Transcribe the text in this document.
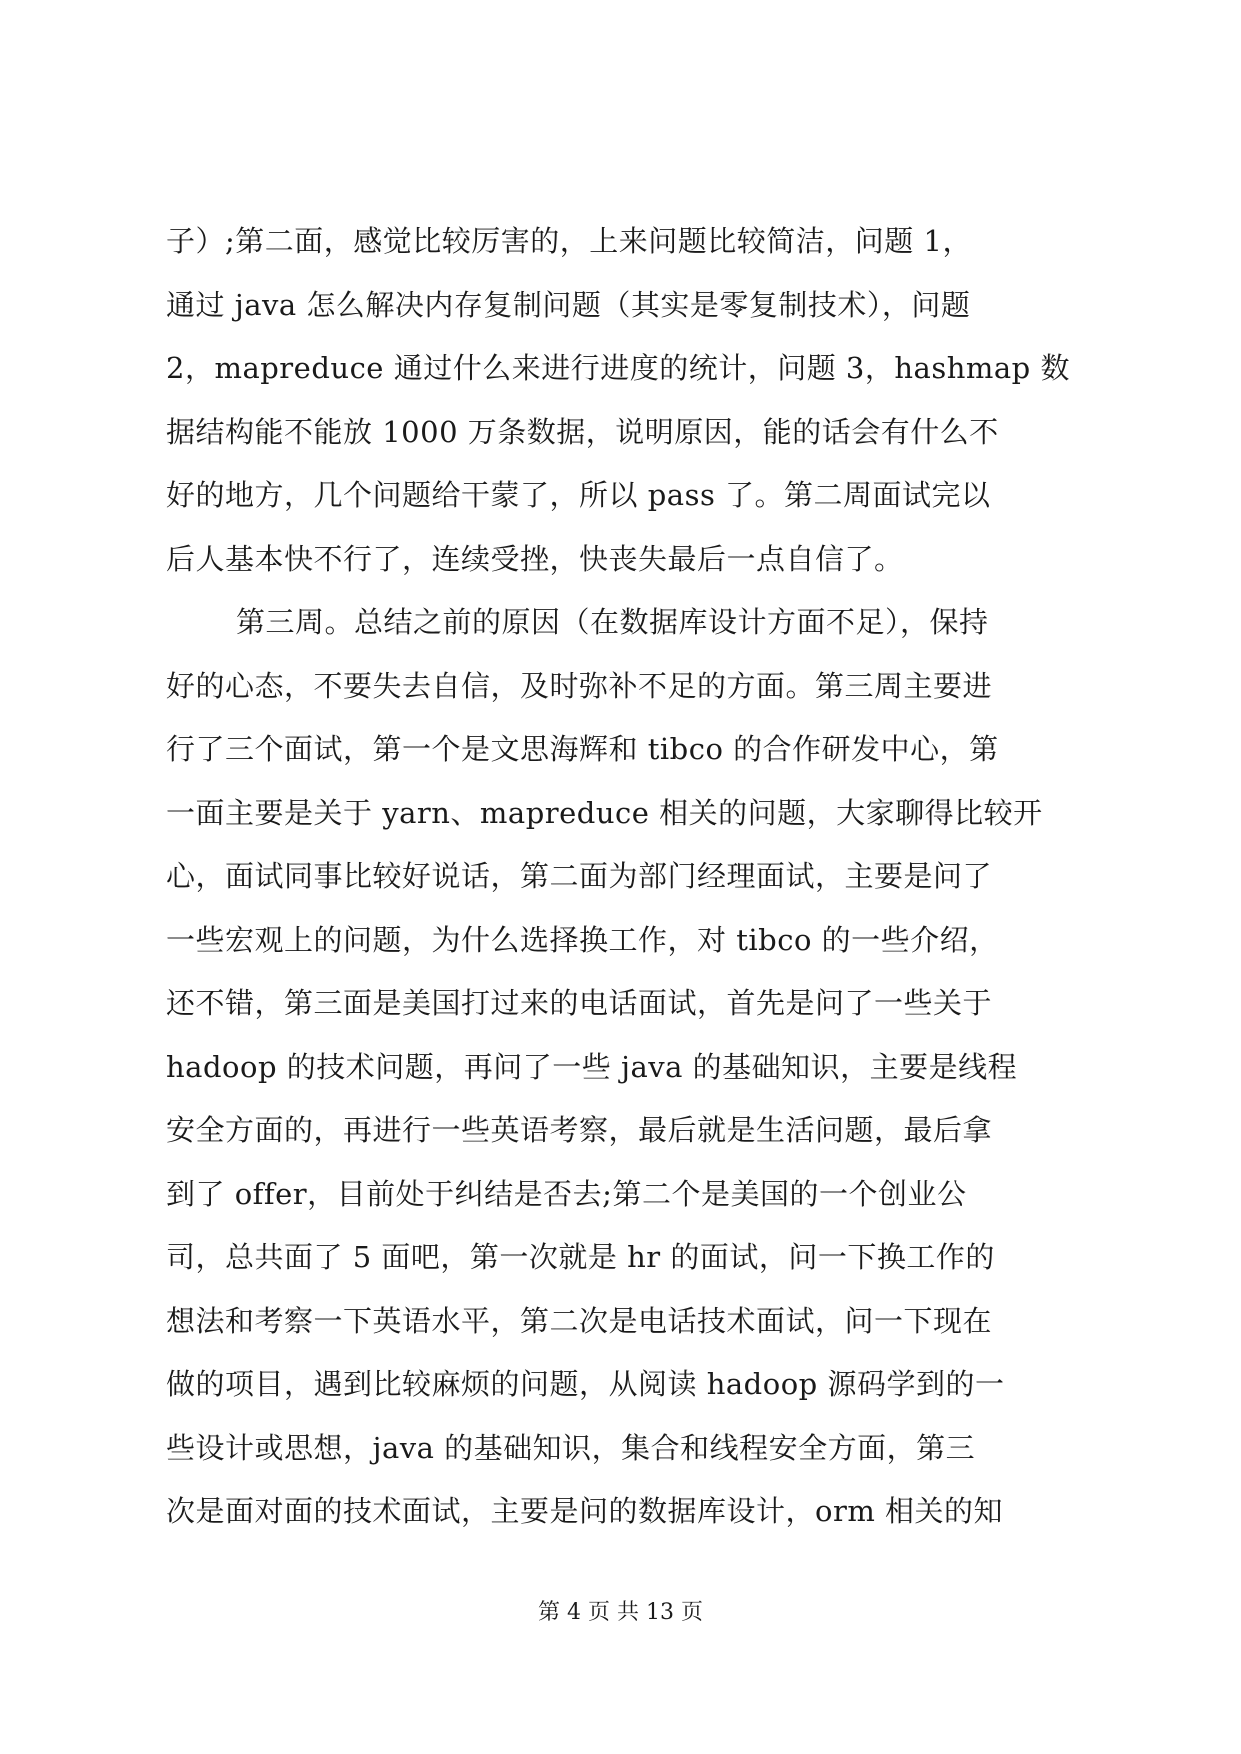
子）;第二面，感觉比较厉害的，上来问题比较简洁，问题 1，
通过 java 怎么解决内存复制问题（其实是零复制技术），问题
2，mapreduce 通过什么来进行进度的统计，问题 3，hashmap 数
据结构能不能放 1000 万条数据，说明原因，能的话会有什么不
好的地方，几个问题给干蒙了，所以 pass 了。第二周面试完以
后人基本快不行了，连续受挫，快丧失最后一点自信了。
第三周。总结之前的原因（在数据库设计方面不足），保持
好的心态，不要失去自信，及时弥补不足的方面。第三周主要进
行了三个面试，第一个是文思海辉和 tibco 的合作研发中心，第
一面主要是关于 yarn、mapreduce 相关的问题，大家聊得比较开
心，面试同事比较好说话，第二面为部门经理面试，主要是问了
一些宏观上的问题，为什么选择换工作，对 tibco 的一些介绍，
还不错，第三面是美国打过来的电话面试，首先是问了一些关于
hadoop 的技术问题，再问了一些 java 的基础知识，主要是线程
安全方面的，再进行一些英语考察，最后就是生活问题，最后拿
到了 offer，目前处于纠结是否去;第二个是美国的一个创业公
司，总共面了 5 面吧，第一次就是 hr 的面试，问一下换工作的
想法和考察一下英语水平，第二次是电话技术面试，问一下现在
做的项目，遇到比较麻烦的问题，从阅读 hadoop 源码学到的一
些设计或思想，java 的基础知识，集合和线程安全方面，第三
次是面对面的技术面试，主要是问的数据库设计，orm 相关的知
第 4 页 共 13 页
